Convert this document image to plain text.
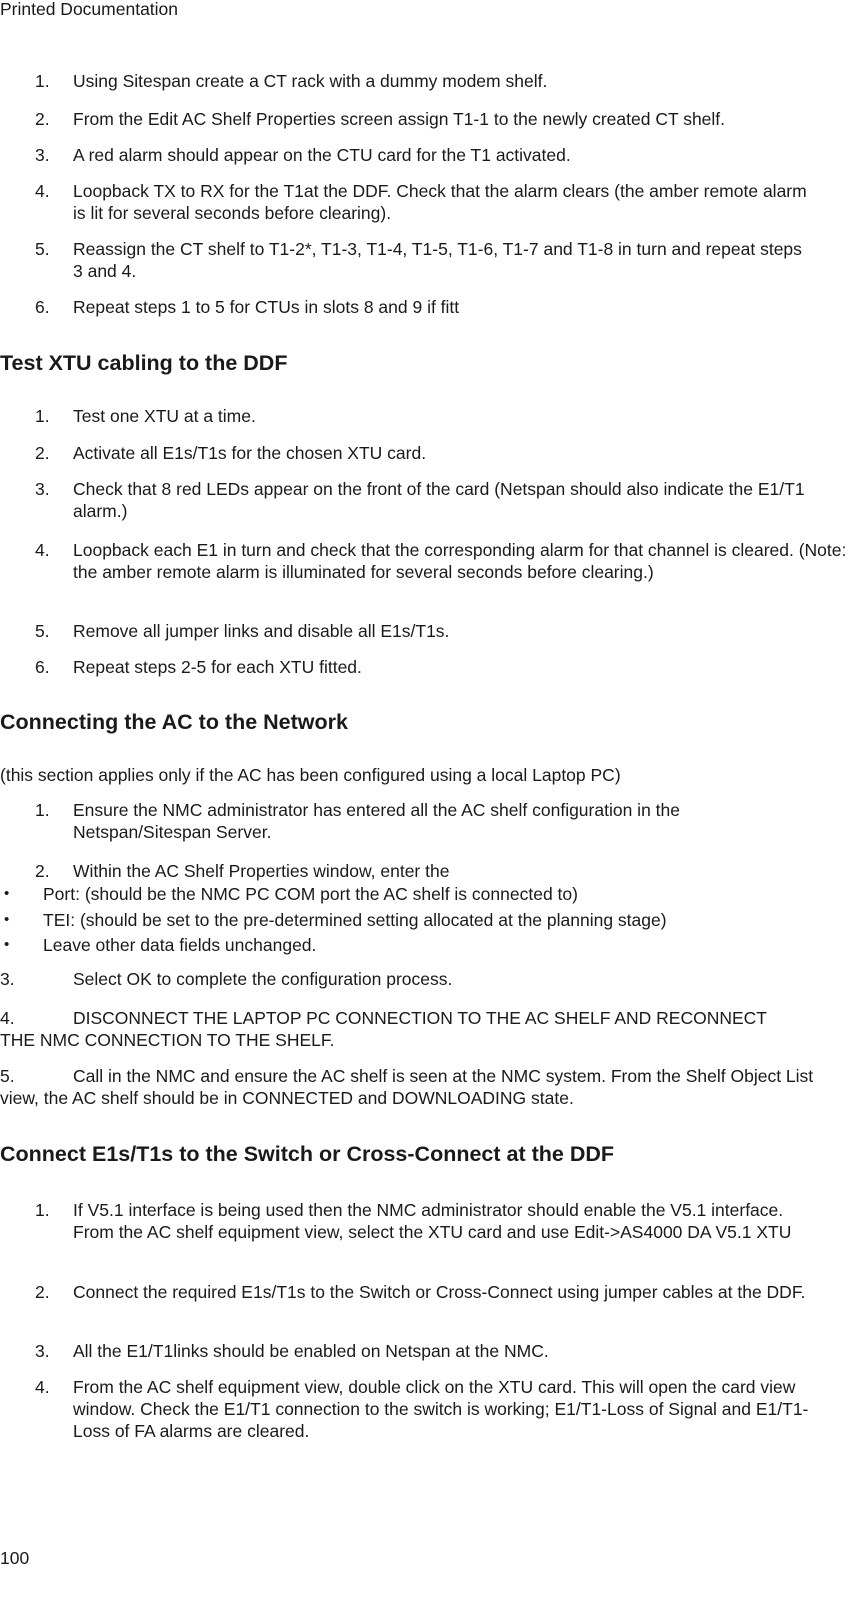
Printed Documentation
1.	Using Sitespan create a CT rack with a dummy modem shelf.
2.	From the Edit AC Shelf Properties screen assign T1-1 to the newly created CT shelf.
3.	A red alarm should appear on the CTU card for the T1 activated.
4.	Loopback TX to RX for the T1at the DDF. Check that the alarm clears (the amber remote alarm is lit for several seconds before clearing).
5.	Reassign the CT shelf to T1-2*, T1-3, T1-4, T1-5, T1-6, T1-7 and T1-8 in turn and repeat steps 3 and 4.
6.	Repeat steps 1 to 5 for CTUs in slots 8 and 9 if fitt
Test XTU cabling to the DDF
1.	Test one XTU at a time.
2.	Activate all E1s/T1s for the chosen XTU card.
3.	Check that 8 red LEDs appear on the front of the card (Netspan should also indicate the E1/T1 alarm.)
4.	Loopback each E1 in turn and check that the corresponding alarm for that channel is cleared. (Note: the amber remote alarm is illuminated for several seconds before clearing.)
5.	Remove all jumper links and disable all E1s/T1s.
6.	Repeat steps 2-5 for each XTU fitted.
Connecting the AC to the Network
(this section applies only if the AC has been configured using a local Laptop PC)
1.	Ensure the NMC administrator has entered all the AC shelf configuration in the Netspan/Sitespan Server.
2.	Within the AC Shelf Properties window, enter the
•	Port: (should be the NMC PC COM port the AC shelf is connected to)
•	TEI: (should be set to the pre-determined setting allocated at the planning stage)
•	Leave other data fields unchanged.
3.	Select OK to complete the configuration process.
4.	DISCONNECT THE LAPTOP PC CONNECTION TO THE AC SHELF AND RECONNECT THE NMC CONNECTION TO THE SHELF.
5.	Call in the NMC and ensure the AC shelf is seen at the NMC system. From the Shelf Object List view, the AC shelf should be in CONNECTED and DOWNLOADING state.
Connect E1s/T1s to the Switch or Cross-Connect at the DDF
1.	If V5.1 interface is being used then the NMC administrator should enable the V5.1 interface. From the AC shelf equipment view, select the XTU card and use Edit->AS4000 DA V5.1 XTU
2.	Connect the required E1s/T1s to the Switch or Cross-Connect using jumper cables at the DDF.
3.	All the E1/T1links should be enabled on Netspan at the NMC.
4.	From the AC shelf equipment view, double click on the XTU card. This will open the card view window. Check the E1/T1 connection to the switch is working; E1/T1-Loss of Signal and E1/T1- Loss of FA alarms are cleared.
100
